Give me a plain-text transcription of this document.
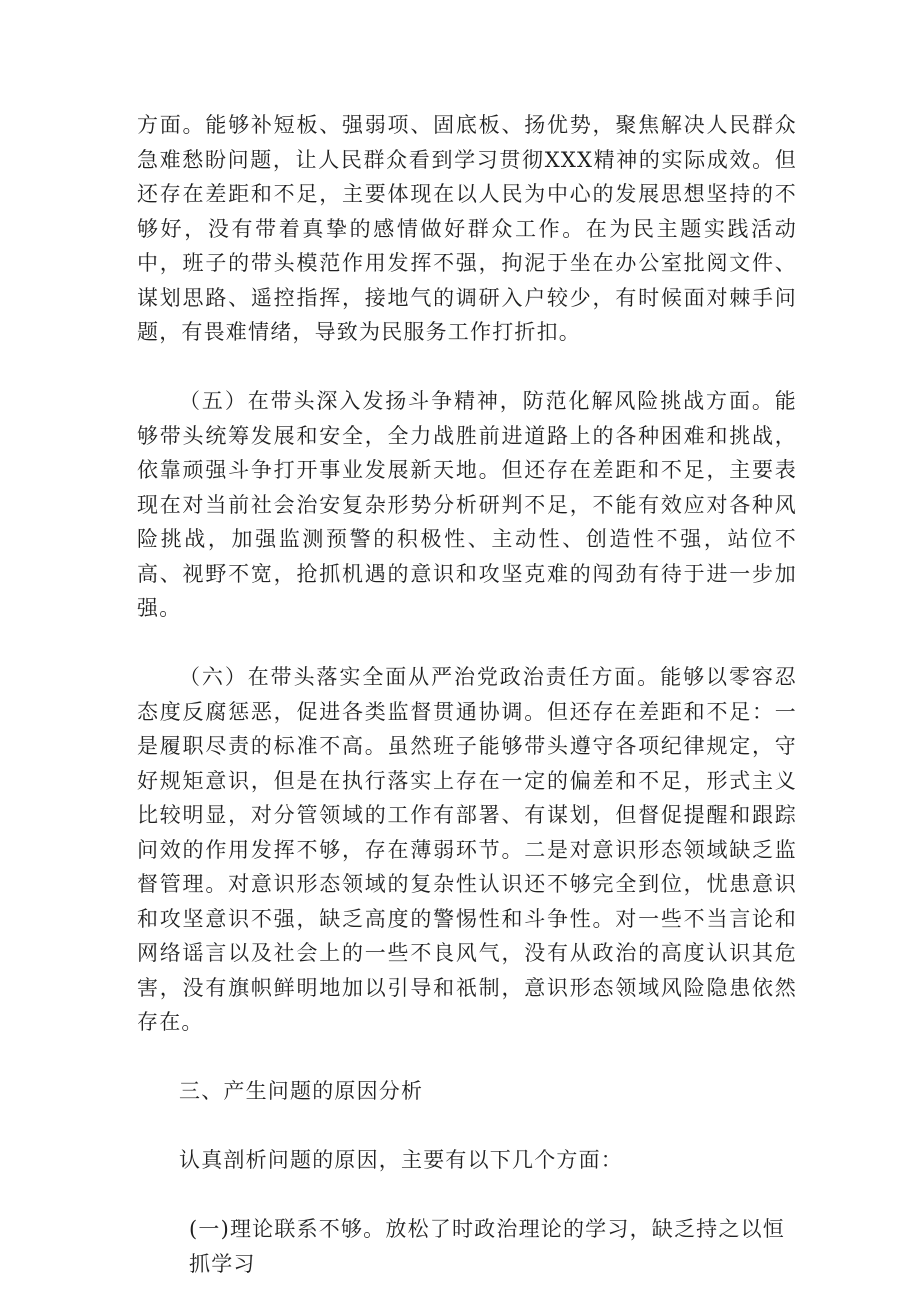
方面。能够补短板、强弱项、固底板、扬优势，聚焦解决人民群众急难愁盼问题，让人民群众看到学习贯彻XXX精神的实际成效。但还存在差距和不足，主要体现在以人民为中心的发展思想坚持的不够好，没有带着真挚的感情做好群众工作。在为民主题实践活动中，班子的带头模范作用发挥不强，拘泥于坐在办公室批阅文件、谋划思路、遥控指挥，接地气的调研入户较少，有时候面对棘手问题，有畏难情绪，导致为民服务工作打折扣。

（五）在带头深入发扬斗争精神，防范化解风险挑战方面。能够带头统筹发展和安全，全力战胜前进道路上的各种困难和挑战，依靠顽强斗争打开事业发展新天地。但还存在差距和不足，主要表现在对当前社会治安复杂形势分析研判不足，不能有效应对各种风险挑战，加强监测预警的积极性、主动性、创造性不强，站位不高、视野不宽，抢抓机遇的意识和攻坚克难的闯劲有待于进一步加强。

（六）在带头落实全面从严治党政治责任方面。能够以零容忍态度反腐惩恶，促进各类监督贯通协调。但还存在差距和不足：一是履职尽责的标准不高。虽然班子能够带头遵守各项纪律规定，守好规矩意识，但是在执行落实上存在一定的偏差和不足，形式主义比较明显，对分管领域的工作有部署、有谋划，但督促提醒和跟踪问效的作用发挥不够，存在薄弱环节。二是对意识形态领域缺乏监督管理。对意识形态领域的复杂性认识还不够完全到位，忧患意识和攻坚意识不强，缺乏高度的警惕性和斗争性。对一些不当言论和网络谣言以及社会上的一些不良风气，没有从政治的高度认识其危害，没有旗帜鲜明地加以引导和祇制，意识形态领域风险隐患依然存在。

三、产生问题的原因分析

认真剖析问题的原因，主要有以下几个方面：

(一)理论联系不够。放松了时政治理论的学习，缺乏持之以恒抓学习
